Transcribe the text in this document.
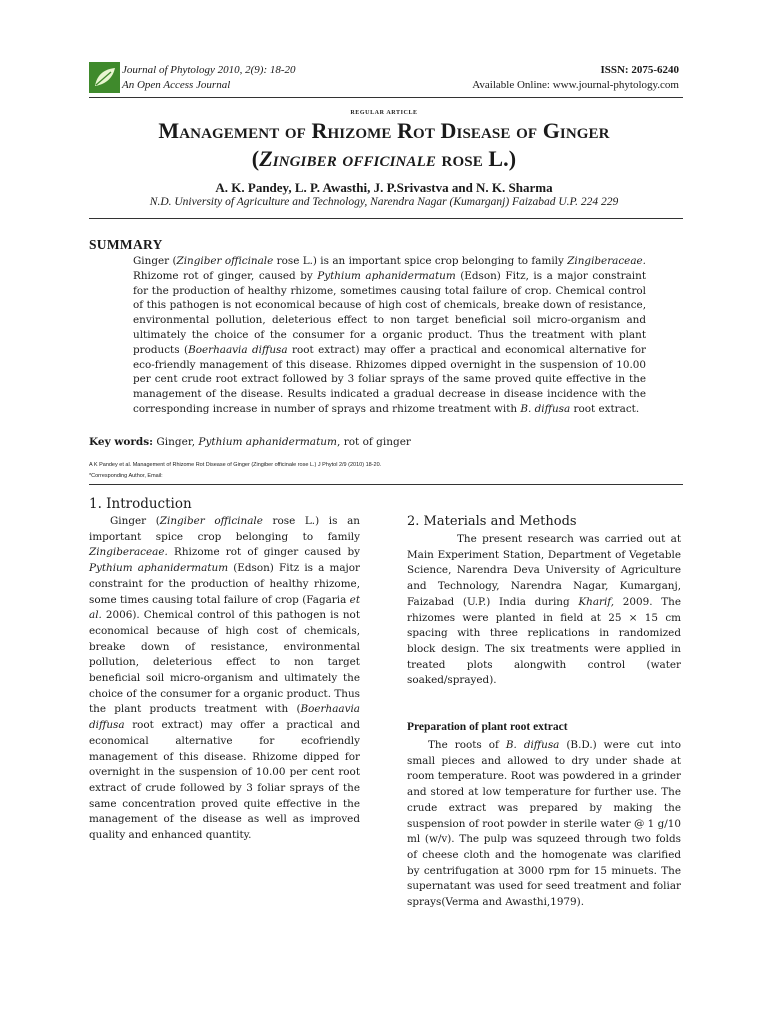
Journal of Phytology 2010, 2(9): 18-20
An Open Access Journal
ISSN: 2075-6240
Available Online: www.journal-phytology.com
REGULAR ARTICLE
Management of Rhizome Rot Disease of Ginger
(Zingiber officinale rose L.)
A. K. Pandey, L. P. Awasthi, J. P.Srivastva and N. K. Sharma
N.D. University of Agriculture and Technology, Narendra Nagar (Kumarganj) Faizabad U.P. 224 229
SUMMARY

Ginger (Zingiber officinale rose L.) is an important spice crop belonging to family Zingiberaceae. Rhizome rot of ginger, caused by Pythium aphanidermatum (Edson) Fitz, is a major constraint for the production of healthy rhizome, sometimes causing total failure of crop. Chemical control of this pathogen is not economical because of high cost of chemicals, breake down of resistance, environmental pollution, deleterious effect to non target beneficial soil micro-organism and ultimately the choice of the consumer for a organic product. Thus the treatment with plant products (Boerhaavia diffusa root extract) may offer a practical and economical alternative for eco-friendly management of this disease. Rhizomes dipped overnight in the suspension of 10.00 per cent crude root extract followed by 3 foliar sprays of the same proved quite effective in the management of the disease. Results indicated a gradual decrease in disease incidence with the corresponding increase in number of sprays and rhizome treatment with B. diffusa root extract.

Key words: Ginger, Pythium aphanidermatum, rot of ginger
A K Pandey et al. Management of Rhizome Rot Disease of Ginger (Zingiber officinale rose L.) J Phytol 2/9 (2010) 18-20.
*Corresponding Author, Email:
1. Introduction

Ginger (Zingiber officinale rose L.) is an important spice crop belonging to family Zingiberaceae. Rhizome rot of ginger caused by Pythium aphanidermatum (Edson) Fitz is a major constraint for the production of healthy rhizome, some times causing total failure of crop (Fagaria et al. 2006). Chemical control of this pathogen is not economical because of high cost of chemicals, breake down of resistance, environmental pollution, deleterious effect to non target beneficial soil micro-organism and ultimately the choice of the consumer for a organic product. Thus the plant products treatment with (Boerhaavia diffusa root extract) may offer a practical and economical alternative for ecofriendly management of this disease. Rhizome dipped for overnight in the suspension of 10.00 per cent root extract of crude followed by 3 foliar sprays of the same concentration proved quite effective in the management of the disease as well as improved quality and enhanced quantity.

2. Materials and Methods

The present research was carried out at Main Experiment Station, Department of Vegetable Science, Narendra Deva University of Agriculture and Technology, Narendra Nagar, Kumarganj, Faizabad (U.P.) India during Kharif, 2009. The rhizomes were planted in field at 25 × 15 cm spacing with three replications in randomized block design. The six treatments were applied in treated plots alongwith control (water soaked/sprayed).

Preparation of plant root extract

The roots of B. diffusa (B.D.) were cut into small pieces and allowed to dry under shade at room temperature. Root was powdered in a grinder and stored at low temperature for further use. The crude extract was prepared by making the suspension of root powder in sterile water @ 1 g/10 ml (w/v). The pulp was squzeed through two folds of cheese cloth and the homogenate was clarified by centrifugation at 3000 rpm for 15 minuets. The supernatant was used for seed treatment and foliar sprays(Verma and Awasthi,1979).
